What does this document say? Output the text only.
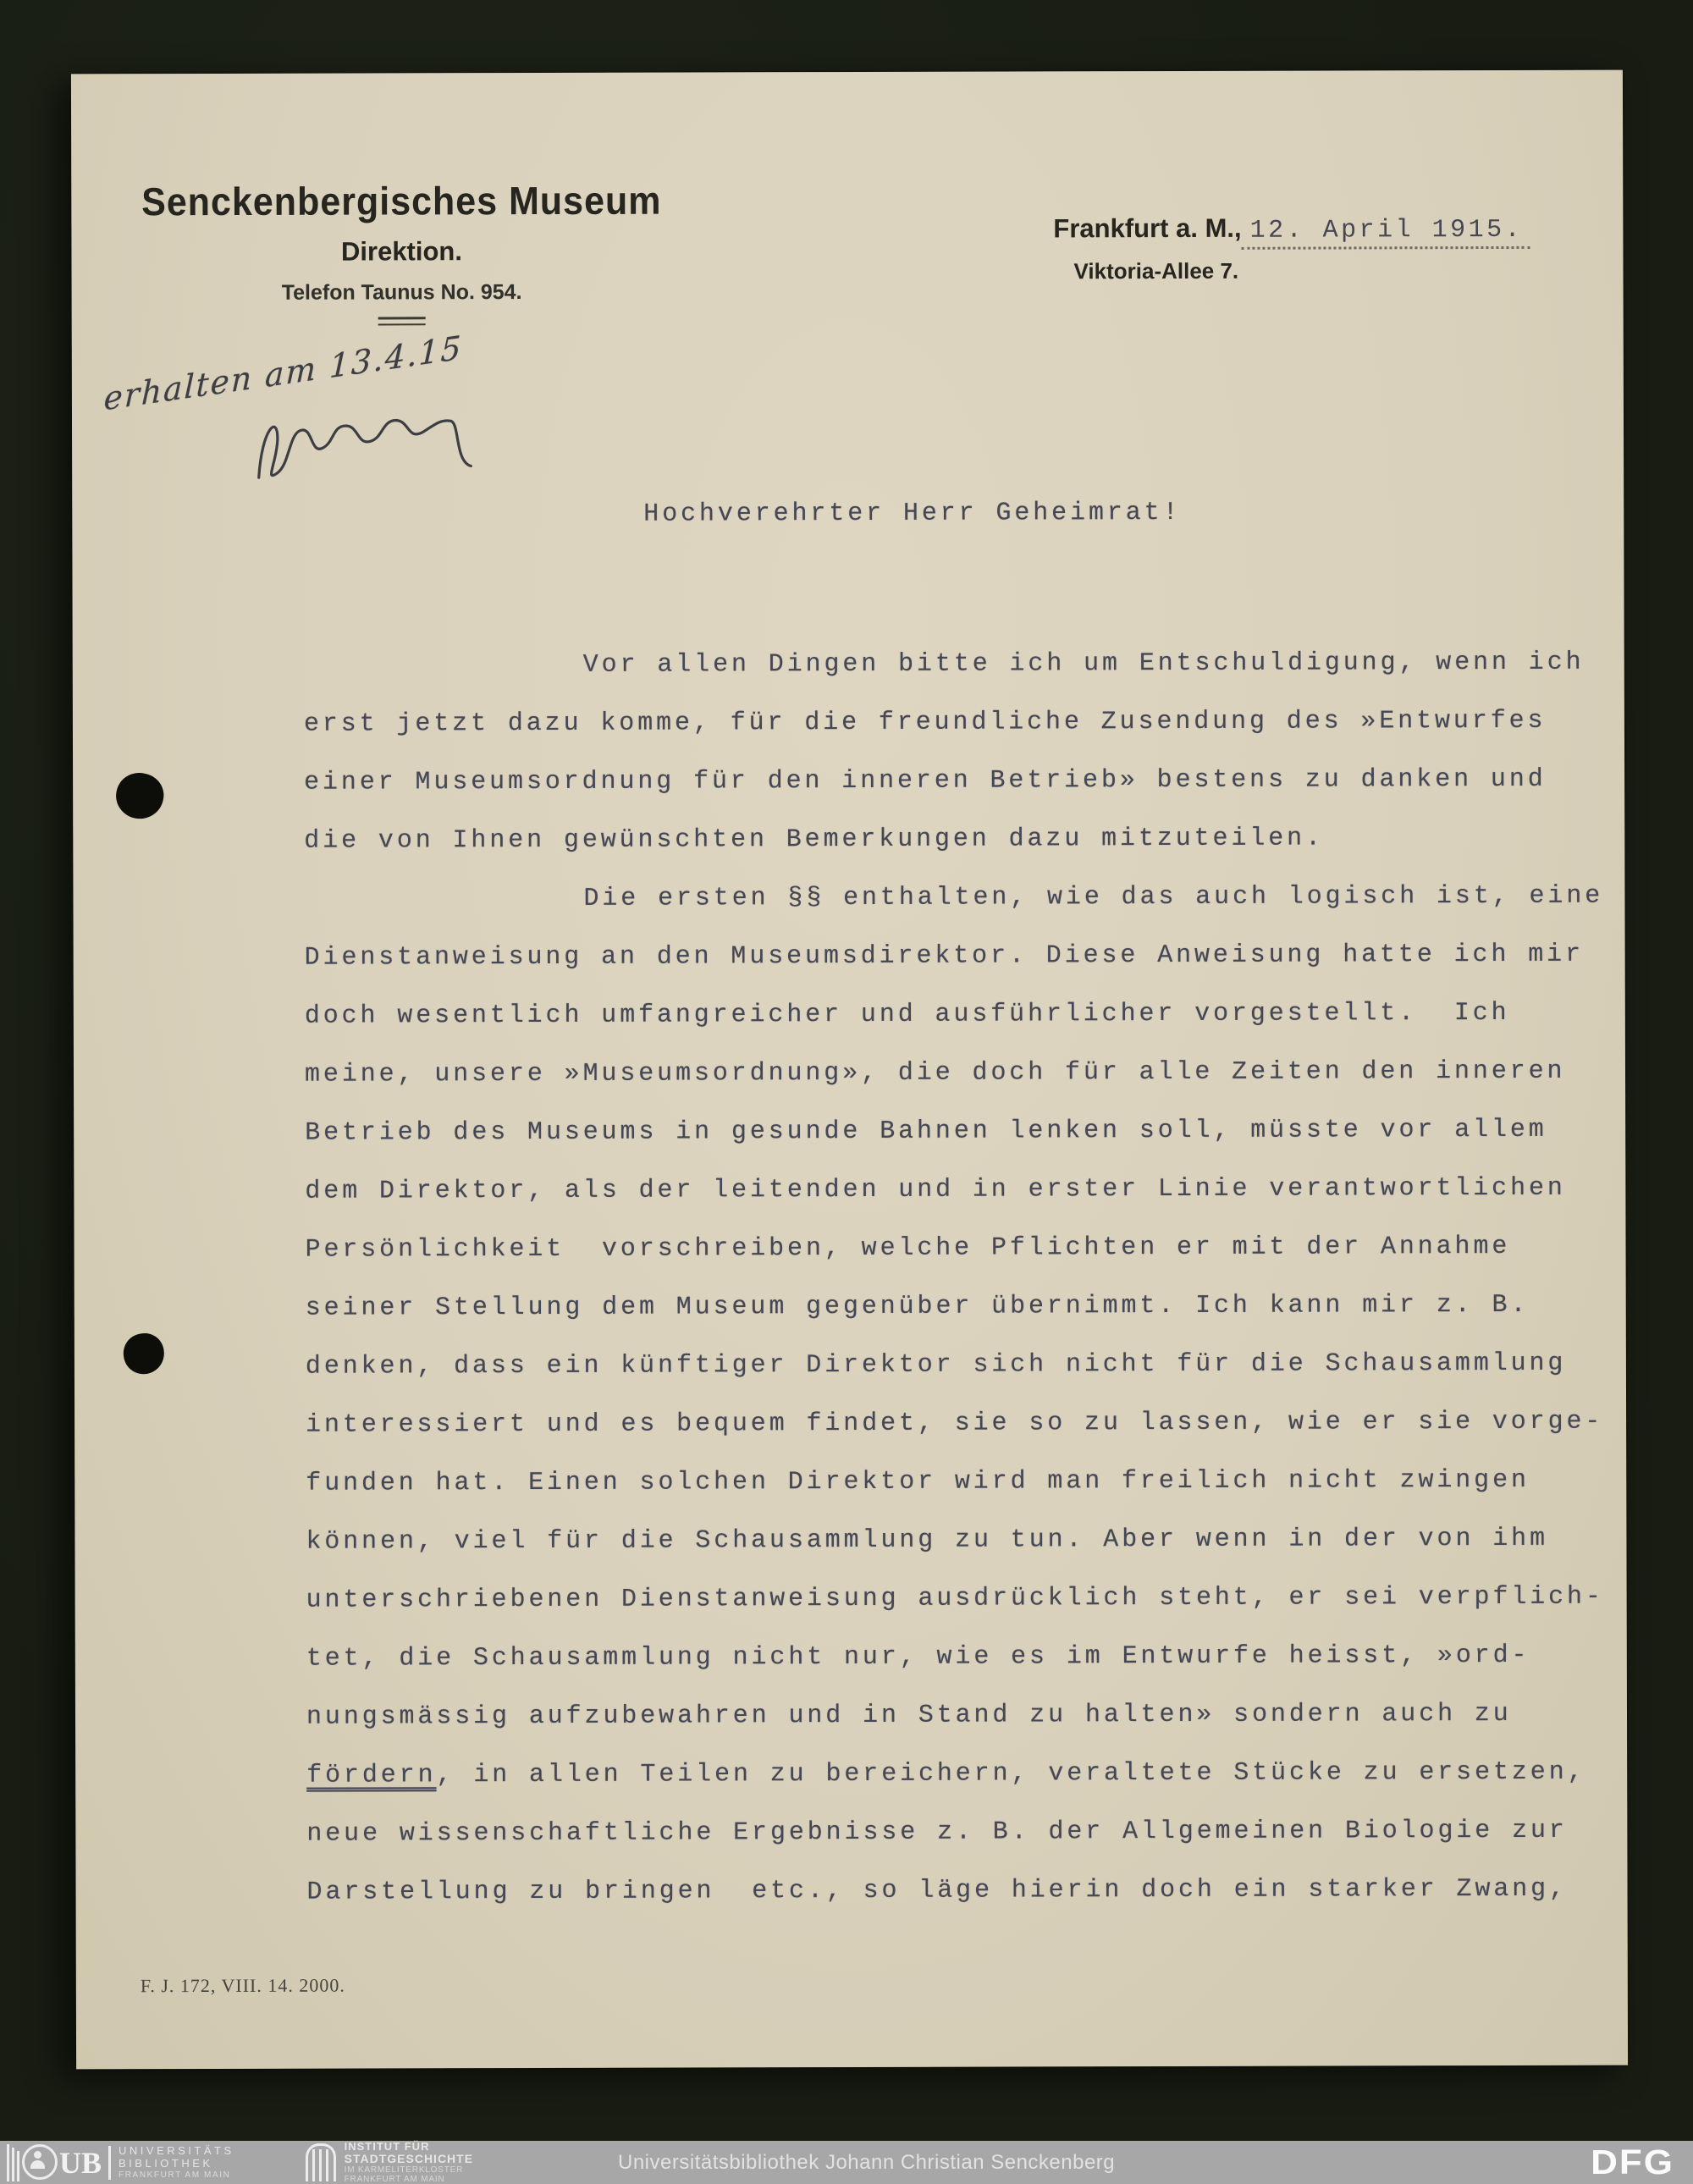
Senckenbergisches Museum
Direktion.
Telefon Taunus No. 954.
Frankfurt a. M., 12. April 1915.
Viktoria-Allee 7.
erhalten am 13.4.15
Hochverehrter Herr Geheimrat!
Vor allen Dingen bitte ich um Entschuldigung, wenn ich
erst jetzt dazu komme, für die freundliche Zusendung des »Entwurfes
einer Museumsordnung für den inneren Betrieb» bestens zu danken und
die von Ihnen gewünschten Bemerkungen dazu mitzuteilen.
Die ersten §§ enthalten, wie das auch logisch ist, eine
Dienstanweisung an den Museumsdirektor. Diese Anweisung hatte ich mir
doch wesentlich umfangreicher und ausführlicher vorgestellt.  Ich
meine, unsere »Museumsordnung», die doch für alle Zeiten den inneren
Betrieb des Museums in gesunde Bahnen lenken soll, müsste vor allem
dem Direktor, als der leitenden und in erster Linie verantwortlichen
Persönlichkeit  vorschreiben, welche Pflichten er mit der Annahme
seiner Stellung dem Museum gegenüber übernimmt. Ich kann mir z. B.
denken, dass ein künftiger Direktor sich nicht für die Schausammlung
interessiert und es bequem findet, sie so zu lassen, wie er sie vorge-
funden hat. Einen solchen Direktor wird man freilich nicht zwingen
können, viel für die Schausammlung zu tun. Aber wenn in der von ihm
unterschriebenen Dienstanweisung ausdrücklich steht, er sei verpflich-
tet, die Schausammlung nicht nur, wie es im Entwurfe heisst, »ord-
nungsmässig aufzubewahren und in Stand zu halten» sondern auch zu
fördern, in allen Teilen zu bereichern, veraltete Stücke zu ersetzen,
neue wissenschaftliche Ergebnisse z. B. der Allgemeinen Biologie zur
Darstellung zu bringen  etc., so läge hierin doch ein starker Zwang,
F. J. 172, VIII. 14. 2000.
UB UNIVERSITÄTS
BIBLIOTHEK
FRANKFURT AM MAIN
INSTITUT FÜR
STADTGESCHICHTE
IM KARMELITERKLOSTER
FRANKFURT AM MAIN
Universitätsbibliothek Johann Christian Senckenberg	DFG
